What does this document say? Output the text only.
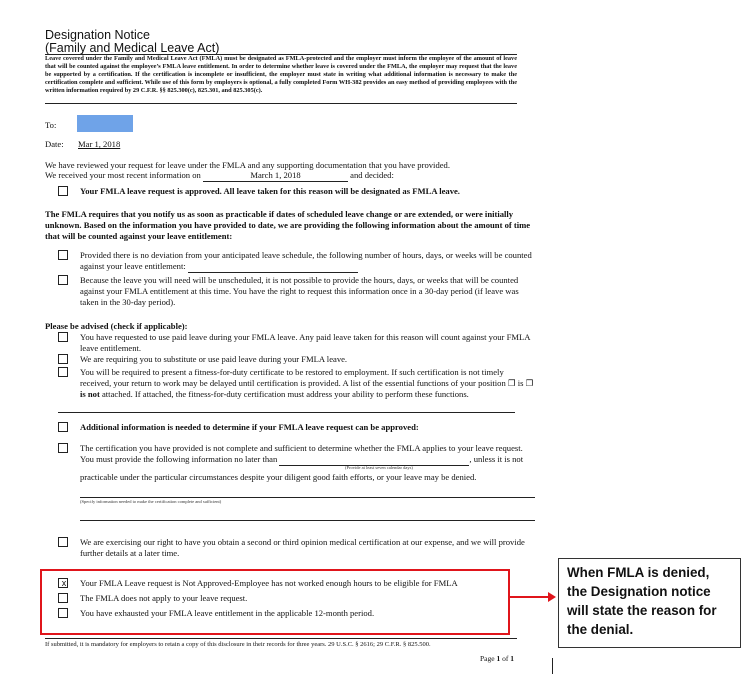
Designation Notice
(Family and Medical Leave Act)
Leave covered under the Family and Medical Leave Act (FMLA) must be designated as FMLA-protected and the employer must inform the employee of the amount of leave that will be counted against the employee’s FMLA leave entitlement. In order to determine whether leave is covered under the FMLA, the employer may request that the leave be supported by a certification. If the certification is incomplete or insufficient, the employer must state in writing what additional information is necessary to make the certification complete and sufficient. While use of this form by employers is optional, a fully completed Form WH-382 provides an easy method of providing employees with the written information required by 29 C.F.R. §§ 825.300(c), 825.301, and 825.305(c).
To:
Date: Mar 1, 2018
We have reviewed your request for leave under the FMLA and any supporting documentation that you have provided.
We received your most recent information on	March 1, 2018	and decided:
Your FMLA leave request is approved. All leave taken for this reason will be designated as FMLA leave.
The FMLA requires that you notify us as soon as practicable if dates of scheduled leave change or are extended, or were initially unknown. Based on the information you have provided to date, we are providing the following information about the amount of time that will be counted against your leave entitlement:
Provided there is no deviation from your anticipated leave schedule, the following number of hours, days, or weeks will be counted against your leave entitlement:
Because the leave you will need will be unscheduled, it is not possible to provide the hours, days, or weeks that will be counted against your FMLA entitlement at this time. You have the right to request this information once in a 30-day period (if leave was taken in the 30-day period).
Please be advised (check if applicable):
You have requested to use paid leave during your FMLA leave. Any paid leave taken for this reason will count against your FMLA leave entitlement.
We are requiring you to substitute or use paid leave during your FMLA leave.
You will be required to present a fitness-for-duty certificate to be restored to employment. If such certification is not timely received, your return to work may be delayed until certification is provided. A list of the essential functions of your position ❐ is ❐ is not attached. If attached, the fitness-for-duty certification must address your ability to perform these functions.
Additional information is needed to determine if your FMLA leave request can be approved:
The certification you have provided is not complete and sufficient to determine whether the FMLA applies to your leave request. You must provide the following information no later than	, unless it is not
(Provide at least seven calendar days)
practicable under the particular circumstances despite your diligent good faith efforts, or your leave may be denied.
(Specify information needed to make the certification complete and sufficient)
We are exercising our right to have you obtain a second or third opinion medical certification at our expense, and we will provide further details at a later time.
x	Your FMLA Leave request is Not Approved-Employee has not worked enough hours to be eligible for FMLA
The FMLA does not apply to your leave request.
You have exhausted your FMLA leave entitlement in the applicable 12-month period.
When FMLA is denied, the Designation notice will state the reason for the denial.
If submitted, it is mandatory for employers to retain a copy of this disclosure in their records for three years. 29 U.S.C. § 2616; 29 C.F.R. § 825.500.
Page 1 of 1
